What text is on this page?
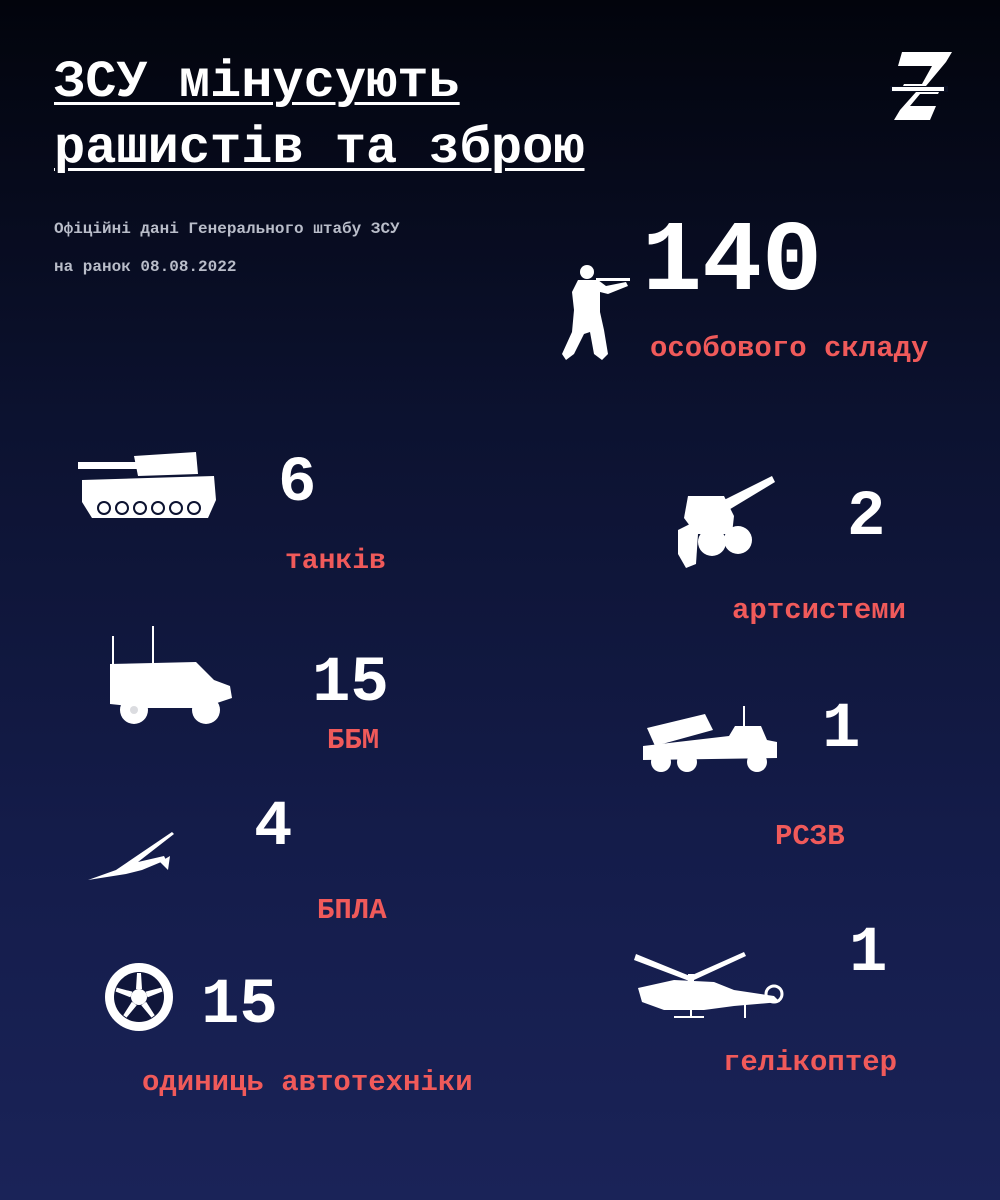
ЗСУ мінусують
рашистів та зброю
Офіційні дані Генерального штабу ЗСУ
на ранок 08.08.2022	140
особового складу
6
танків
2
артсистеми
15
ББМ	1
РСЗВ
4
БПЛА
1
гелікоптер
15
одиниць автотехніки
